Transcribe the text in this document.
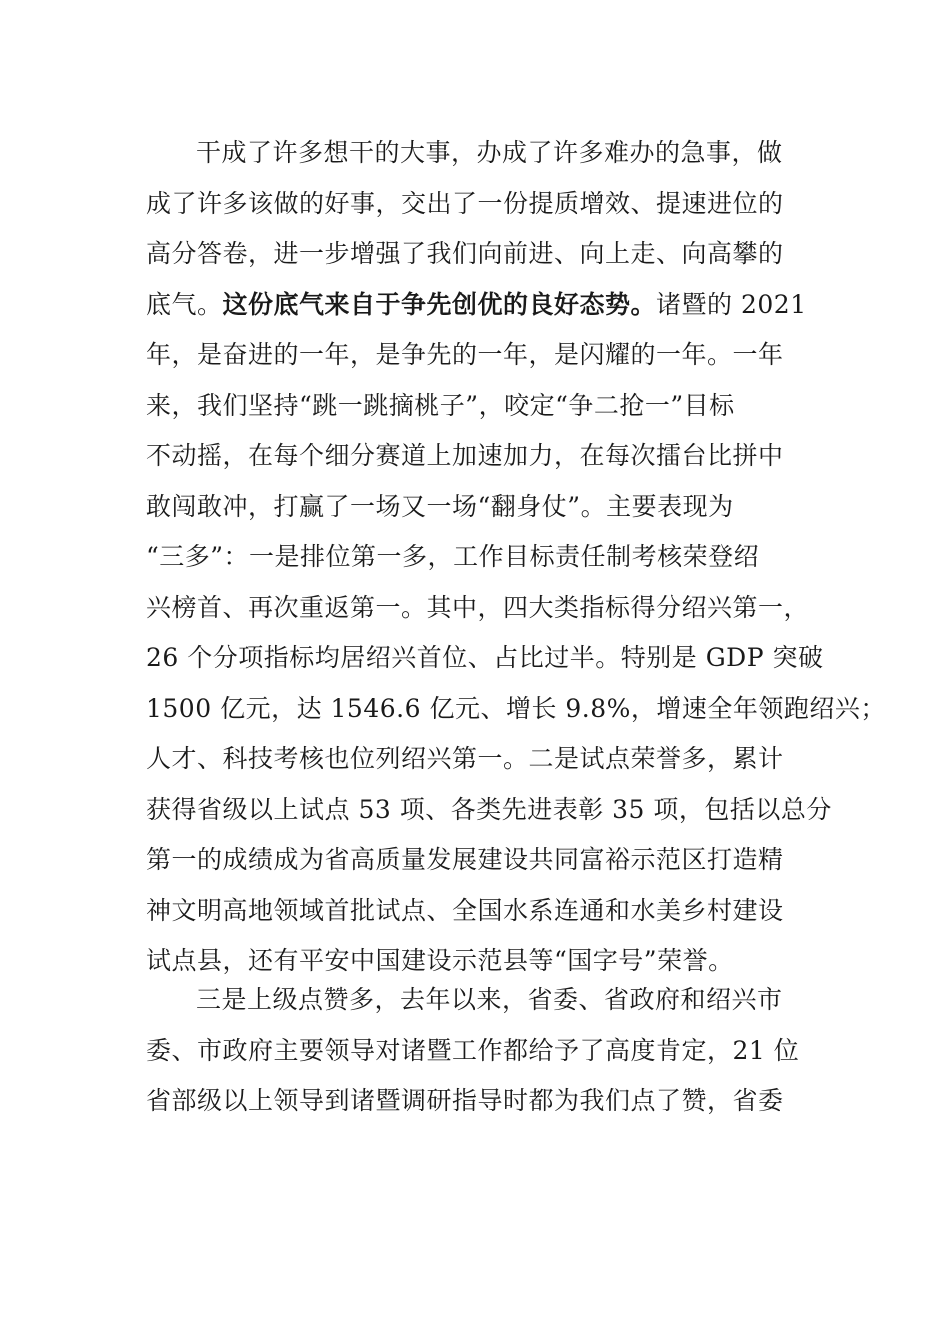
干成了许多想干的大事，办成了许多难办的急事，做
成了许多该做的好事，交出了一份提质增效、提速进位的
高分答卷，进一步增强了我们向前进、向上走、向高攀的
底气。这份底气来自于争先创优的良好态势。诸暨的 2021
年，是奋进的一年，是争先的一年，是闪耀的一年。一年
来，我们坚持“跳一跳摘桃子”，咬定“争二抢一”目标
不动摇，在每个细分赛道上加速加力，在每次擂台比拼中
敢闯敢冲，打赢了一场又一场“翻身仗”。主要表现为
“三多”：一是排位第一多，工作目标责任制考核荣登绍
兴榜首、再次重返第一。其中，四大类指标得分绍兴第一，
26 个分项指标均居绍兴首位、占比过半。特别是 GDP 突破
1500 亿元，达 1546.6 亿元、增长 9.8%，增速全年领跑绍兴；
人才、科技考核也位列绍兴第一。二是试点荣誉多，累计
获得省级以上试点 53 项、各类先进表彰 35 项，包括以总分
第一的成绩成为省高质量发展建设共同富裕示范区打造精
神文明高地领域首批试点、全国水系连通和水美乡村建设
试点县，还有平安中国建设示范县等“国字号”荣誉。
三是上级点赞多，去年以来，省委、省政府和绍兴市
委、市政府主要领导对诸暨工作都给予了高度肯定，21 位
省部级以上领导到诸暨调研指导时都为我们点了赞，省委
